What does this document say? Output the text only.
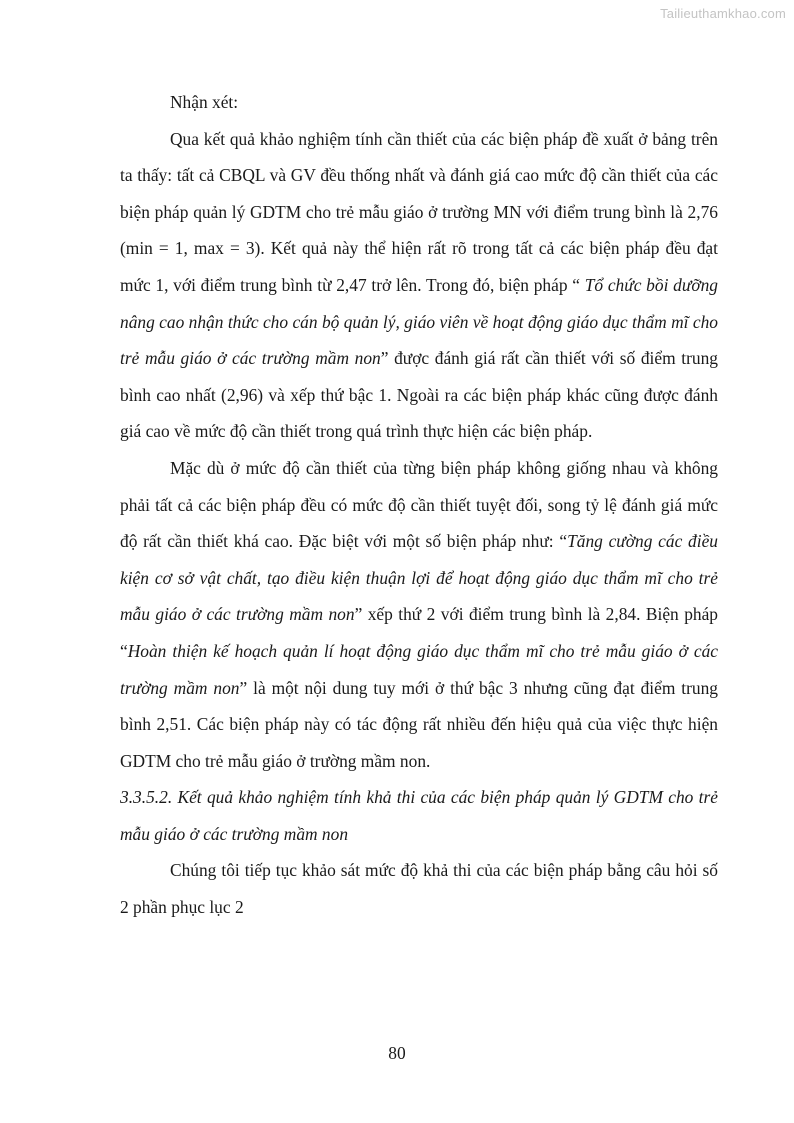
Tailieuthamkhao.com

Nhận xét:

Qua kết quả khảo nghiệm tính cần thiết của các biện pháp đề xuất ở bảng trên ta thấy: tất cả CBQL và GV đều thống nhất và đánh giá cao mức độ cần thiết của các biện pháp quản lý GDTM cho trẻ mẫu giáo ở trường MN với điểm trung bình là 2,76 (min = 1, max = 3). Kết quả này thể hiện rất rõ trong tất cả các biện pháp đều đạt mức 1, với điểm trung bình từ 2,47 trở lên. Trong đó, biện pháp “ Tổ chức bồi dưỡng nâng cao nhận thức cho cán bộ quản lý, giáo viên về hoạt động giáo dục thẩm mĩ cho trẻ mẫu giáo ở các trường mầm non” được đánh giá rất cần thiết với số điểm trung bình cao nhất (2,96) và xếp thứ bậc 1. Ngoài ra các biện pháp khác cũng được đánh giá cao về mức độ cần thiết trong quá trình thực hiện các biện pháp.

Mặc dù ở mức độ cần thiết của từng biện pháp không giống nhau và không phải tất cả các biện pháp đều có mức độ cần thiết tuyệt đối, song tỷ lệ đánh giá mức độ rất cần thiết khá cao. Đặc biệt với một số biện pháp như: “Tăng cường các điều kiện cơ sở vật chất, tạo điều kiện thuận lợi để hoạt động giáo dục thẩm mĩ cho trẻ mẫu giáo ở các trường mầm non” xếp thứ 2 với điểm trung bình là 2,84. Biện pháp “Hoàn thiện kế hoạch quản lí hoạt động giáo dục thẩm mĩ cho trẻ mẫu giáo ở các trường mầm non” là một nội dung tuy mới ở thứ bậc 3 nhưng cũng đạt điểm trung bình 2,51. Các biện pháp này có tác động rất nhiều đến hiệu quả của việc thực hiện GDTM cho trẻ mẫu giáo ở trường mầm non.

3.3.5.2. Kết quả khảo nghiệm tính khả thi của các biện pháp quản lý GDTM cho trẻ mẫu giáo ở các trường mầm non

Chúng tôi tiếp tục khảo sát mức độ khả thi của các biện pháp bằng câu hỏi số 2 phần phục lục 2

80
